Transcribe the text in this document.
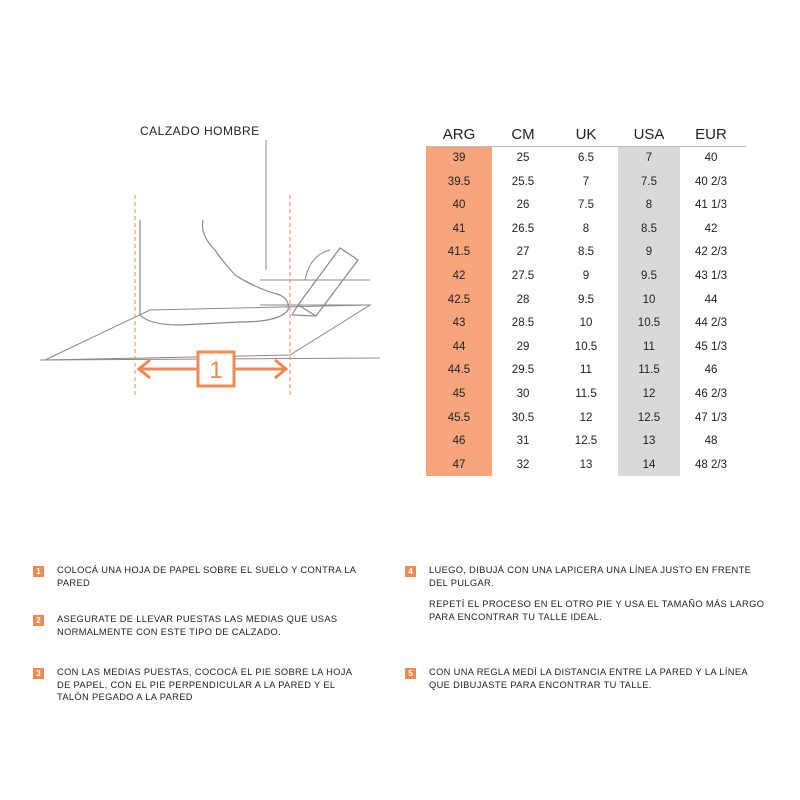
CALZADO HOMBRE
1
ARG	CM	UK	USA	EUR
39	25	6.5	7	40
39.5	25.5	7	7.5	40 2/3
40	26	7.5	8	41 1/3
41	26.5	8	8.5	42
41.5	27	8.5	9	42 2/3
42	27.5	9	9.5	43 1/3
42.5	28	9.5	10	44
43	28.5	10	10.5	44 2/3
44	29	10.5	11	45 1/3
44.5	29.5	11	11.5	46
45	30	11.5	12	46 2/3
45.5	30.5	12	12.5	47 1/3
46	31	12.5	13	48
47	32	13	14	48 2/3
1	COLOCÁ UNA HOJA DE PAPEL SOBRE EL SUELO Y CONTRA LA PARED
2	ASEGURATE DE LLEVAR PUESTAS LAS MEDIAS QUE USAS NORMALMENTE CON ESTE TIPO DE CALZADO.
3	CON LAS MEDIAS PUESTAS, COCOCÁ EL PIE SOBRE LA HOJA DE PAPEL, CON EL PIE PERPENDICULAR A LA PARED Y EL TALÓN PEGADO A LA PARED
4	LUEGO, DIBUJÁ CON UNA LAPICERA UNA LÍNEA JUSTO EN FRENTE DEL PULGAR.
REPETÍ EL PROCESO EN EL OTRO PIE Y USA EL TAMAÑO MÁS LARGO PARA ENCONTRAR TU TALLE IDEAL.
5	CON UNA REGLA MEDÍ LA DISTANCIA ENTRE LA PARED Y LA LÍNEA QUE DIBUJASTE PARA ENCONTRAR TU TALLE.
